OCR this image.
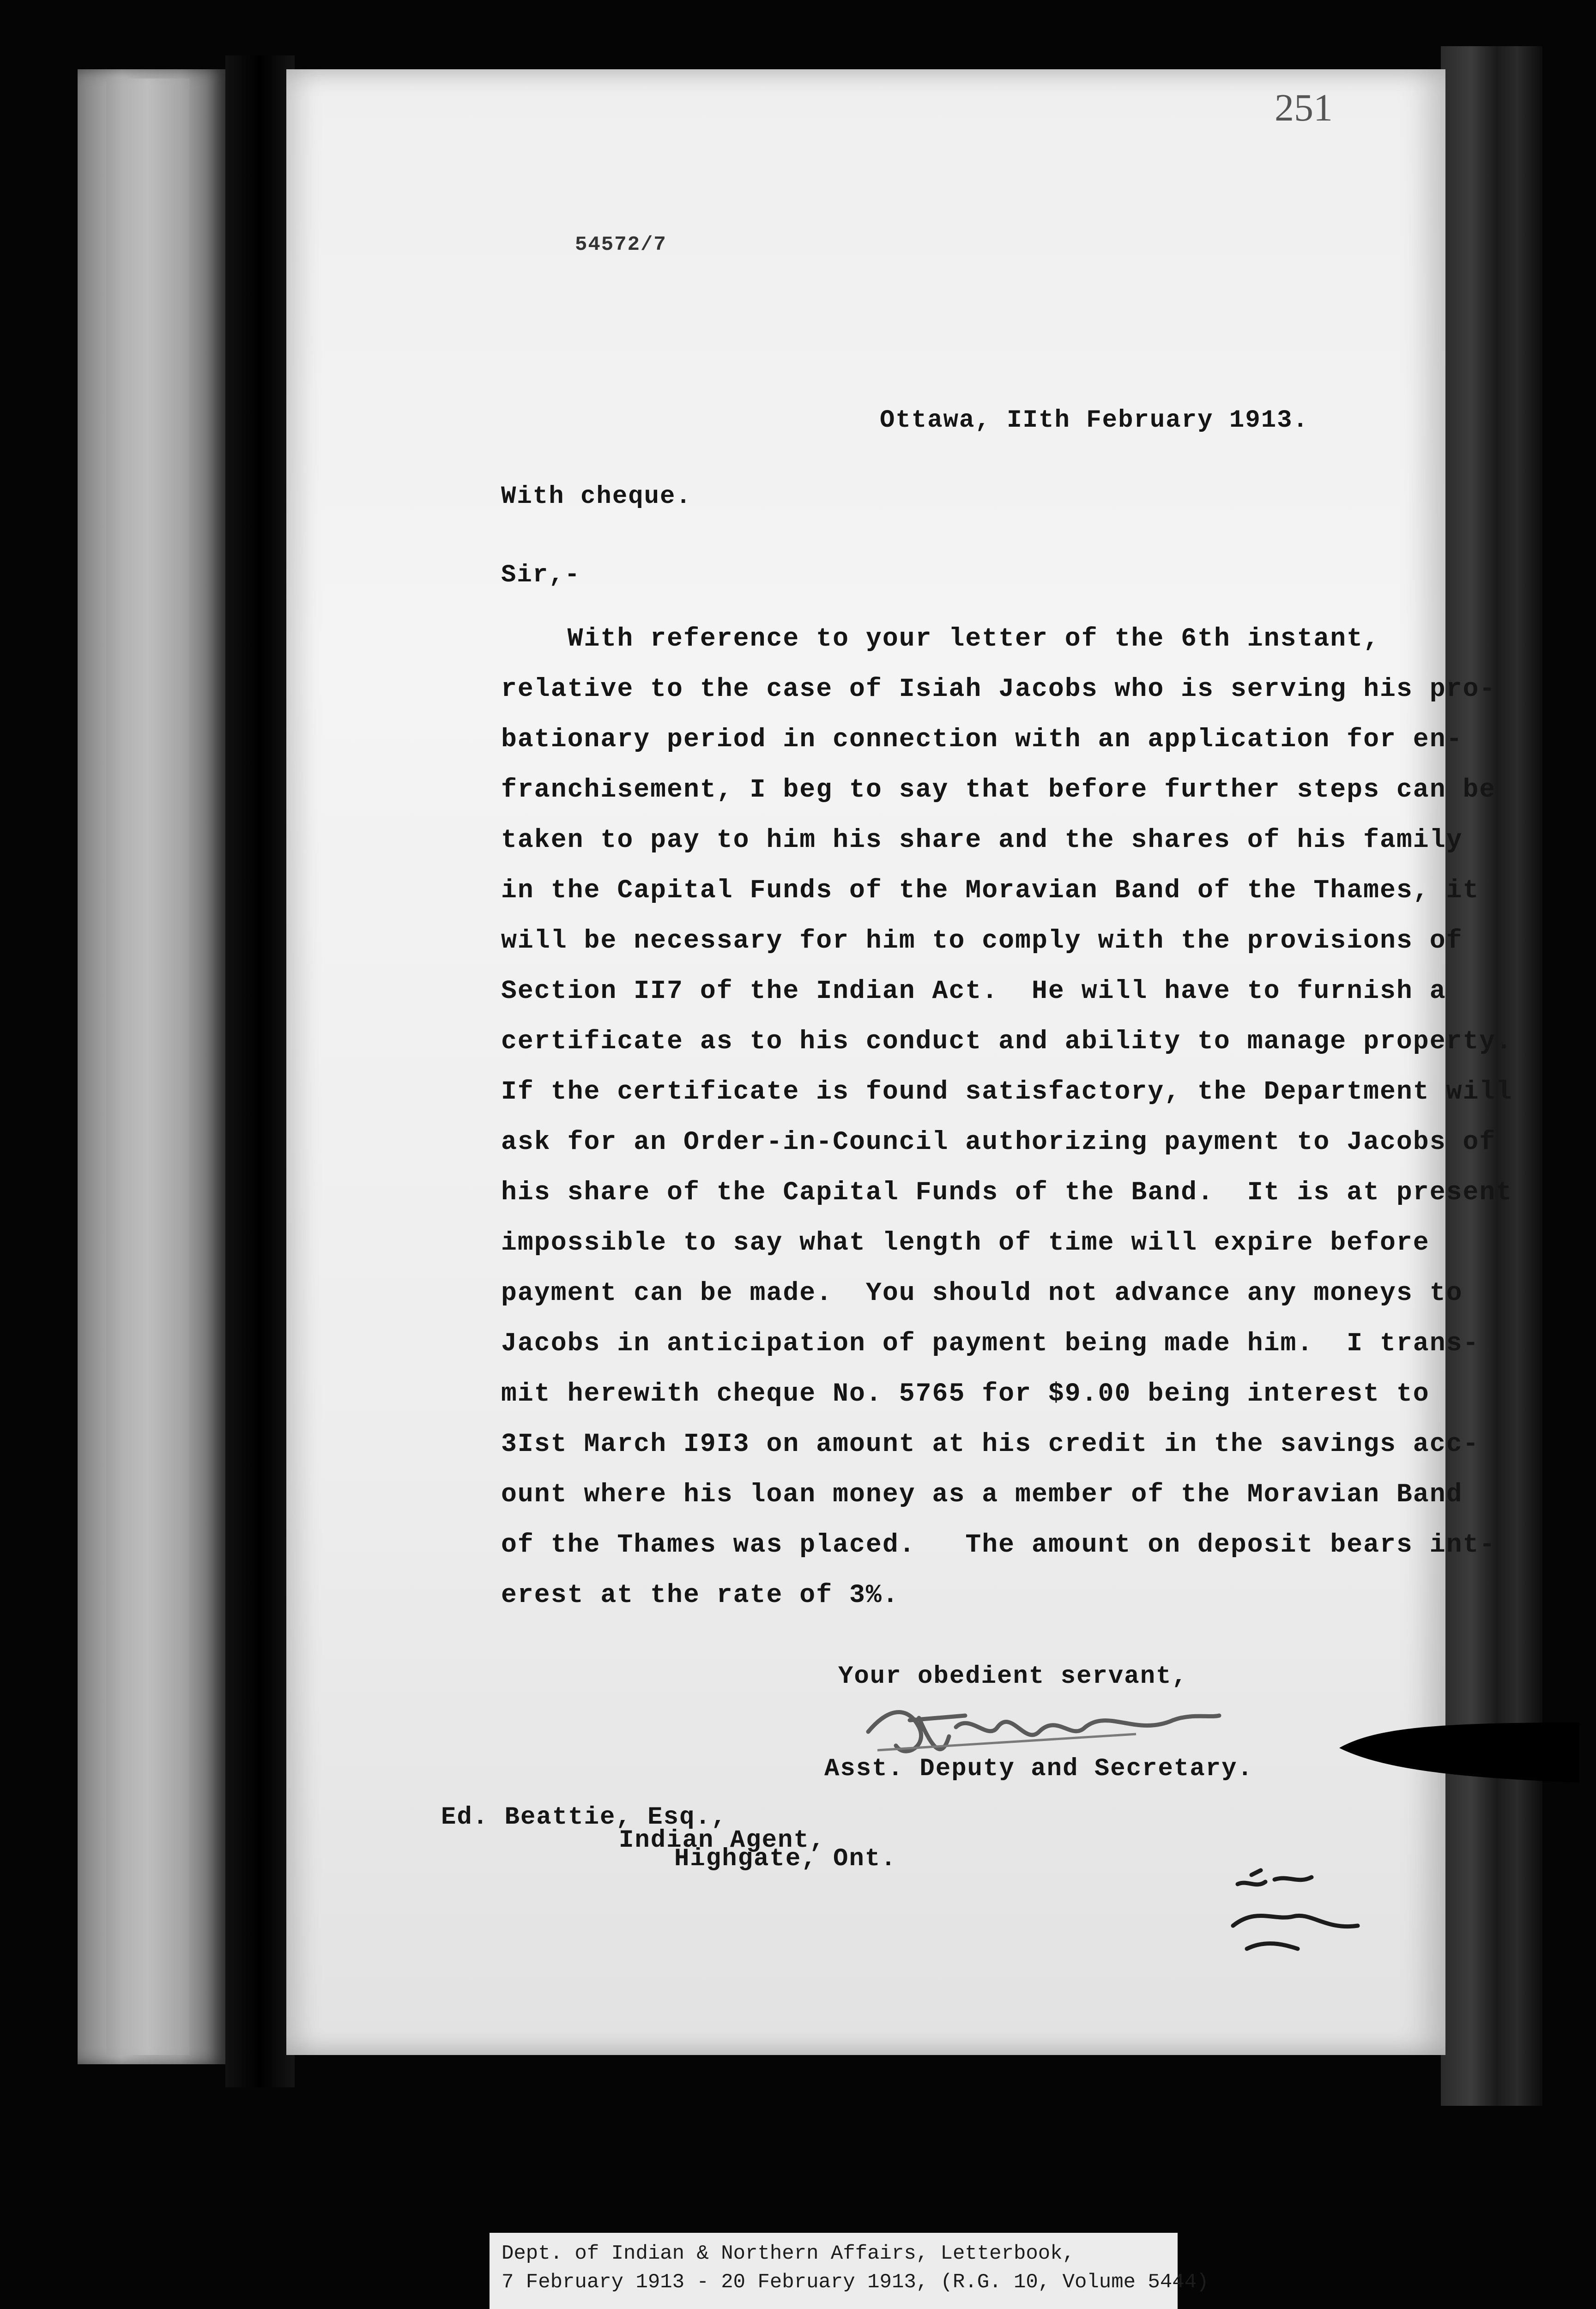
251
54572/7
Ottawa, IIth February 1913.
With cheque.
Sir,-
With reference to your letter of the 6th instant,
relative to the case of Isiah Jacobs who is serving his pro-
bationary period in connection with an application for en-
franchisement, I beg to say that before further steps can be
taken to pay to him his share and the shares of his family
in the Capital Funds of the Moravian Band of the Thames, it
will be necessary for him to comply with the provisions of
Section II7 of the Indian Act.  He will have to furnish a
certificate as to his conduct and ability to manage property.
If the certificate is found satisfactory, the Department will
ask for an Order-in-Council authorizing payment to Jacobs of
his share of the Capital Funds of the Band.  It is at present
impossible to say what length of time will expire before
payment can be made.  You should not advance any moneys to
Jacobs in anticipation of payment being made him.  I trans-
mit herewith cheque No. 5765 for $9.00 being interest to
3Ist March I9I3 on amount at his credit in the savings acc-
ount where his loan money as a member of the Moravian Band
of the Thames was placed.   The amount on deposit bears int-
erest at the rate of 3%.
Your obedient servant,
Asst. Deputy and Secretary.
Ed. Beattie, Esq.,
Indian Agent,
Highgate, Ont.
Dept. of Indian & Northern Affairs, Letterbook,
7 February 1913 - 20 February 1913, (R.G. 10, Volume 5444)
